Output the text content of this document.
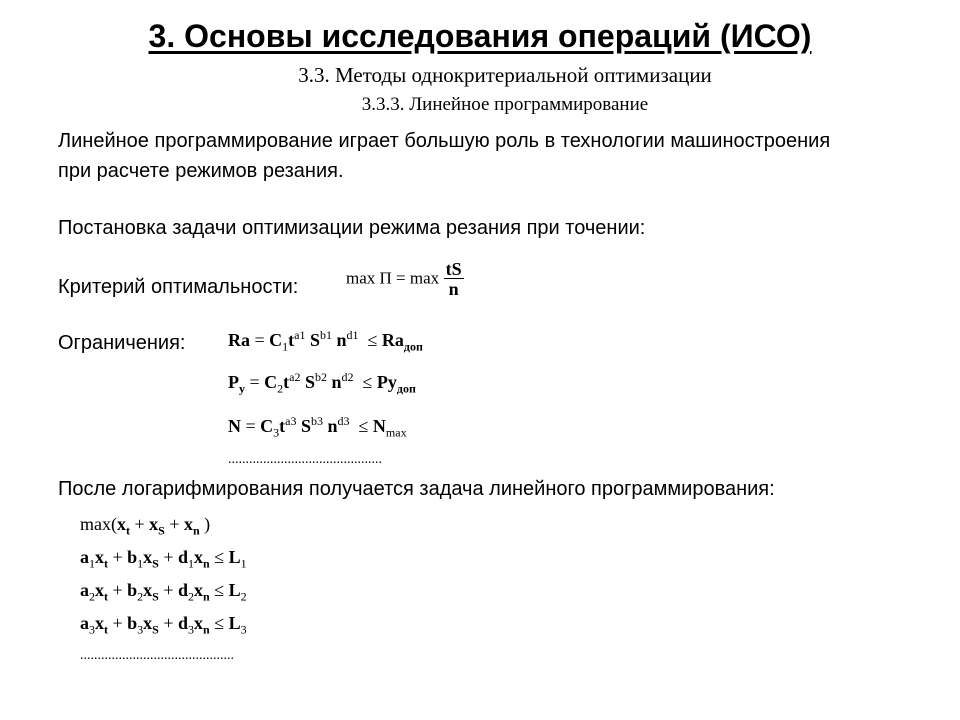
3. Основы исследования операций (ИСО)
3.3. Методы однокритериальной оптимизации
3.3.3. Линейное программирование
Линейное программирование играет большую роль в технологии машиностроения
при расчете режимов резания.
Постановка задачи оптимизации режима резания при точении:
Критерий оптимальности:	$\max П = \max \frac{tS}{n}$
Ограничения: $Ra = C_1t^{a1}$ $S^{b1}$ $n^{d1} \le Ra_{доп}$
$P_y = C_2t^{a2}$ $S^{b2}$ $n^{d2} \le Py_{доп}$
$N = C_3t^{a3}$ $S^{b3}$ $n^{d3} \le N_{max}$
............................................
После логарифмирования получается задача линейного программирования:
$\max(x_t + x_S + x_n$ )
$a_1x_t + b_1x_S + d_1x_n \le L_1$
$a_2x_t + b_2x_S + d_2x_n \le L_2$
$a_3x_t + b_3x_S + d_3x_n \le L_3$
............................................
